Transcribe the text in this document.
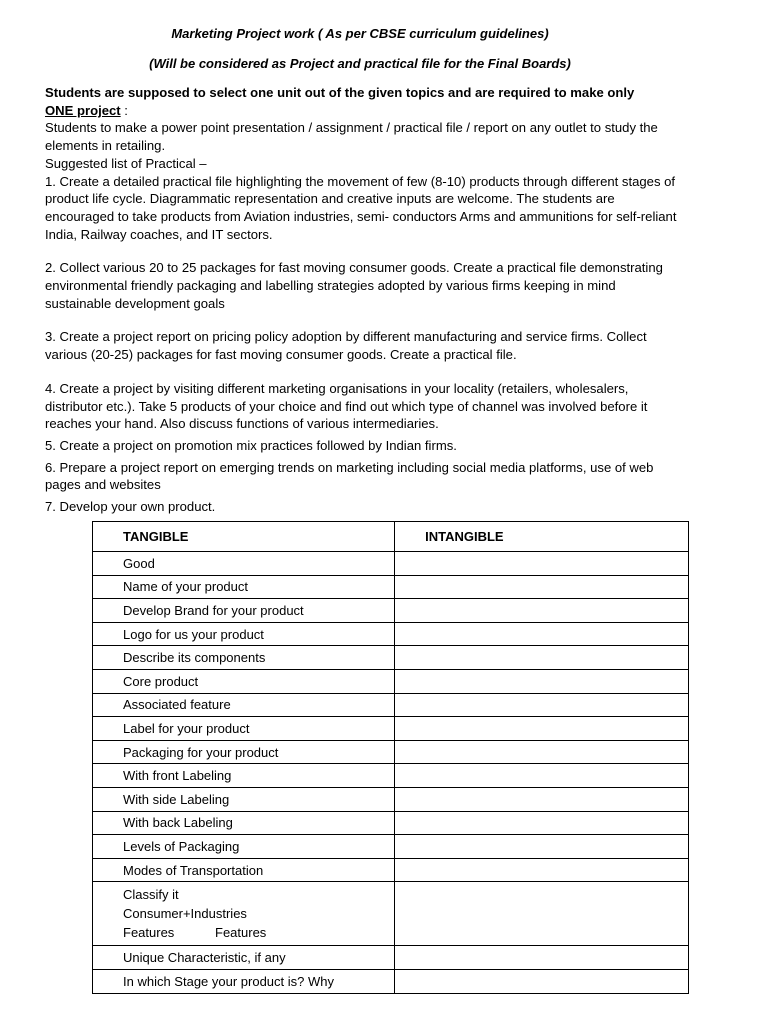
Marketing Project work ( As per CBSE curriculum guidelines)

(Will be considered as Project and practical file for the Final Boards)

Students are supposed to select one unit out of the given topics and are required to make only
ONE project :

Students to make a power point presentation / assignment / practical file / report on any outlet to study the elements in retailing.

Suggested list of Practical –

1. Create a detailed practical file highlighting the movement of few (8-10) products through different stages of product life cycle. Diagrammatic representation and creative inputs are welcome. The students are encouraged to take products from Aviation industries, semi- conductors Arms and ammunitions for self-reliant India, Railway coaches, and IT sectors.

2. Collect various 20 to 25 packages for fast moving consumer goods. Create a practical file demonstrating environmental friendly packaging and labelling strategies adopted by various firms keeping in mind sustainable development goals

3. Create a project report on pricing policy adoption by different manufacturing and service firms. Collect various (20-25) packages for fast moving consumer goods. Create a practical file.

4. Create a project by visiting different marketing organisations in your locality (retailers, wholesalers, distributor etc.). Take 5 products of your choice and find out which type of channel was involved before it reaches your hand. Also discuss functions of various intermediaries.

5. Create a project on promotion mix practices followed by Indian firms.

6. Prepare a project report on emerging trends on marketing including social media platforms, use of web pages and websites

7. Develop your own product.

TANGIBLE	INTANGIBLE
Good	
Name of your product	
Develop Brand for your product	
Logo for us your product	
Describe its components	
Core product	
Associated feature	
Label for your product	
Packaging for your product	
With front Labeling	
With side Labeling	
With back Labeling	
Levels of Packaging	
Modes of Transportation	
Classify it
Consumer+Industries
Features Features	
Unique Characteristic, if any	
In which Stage your product is? Why	
